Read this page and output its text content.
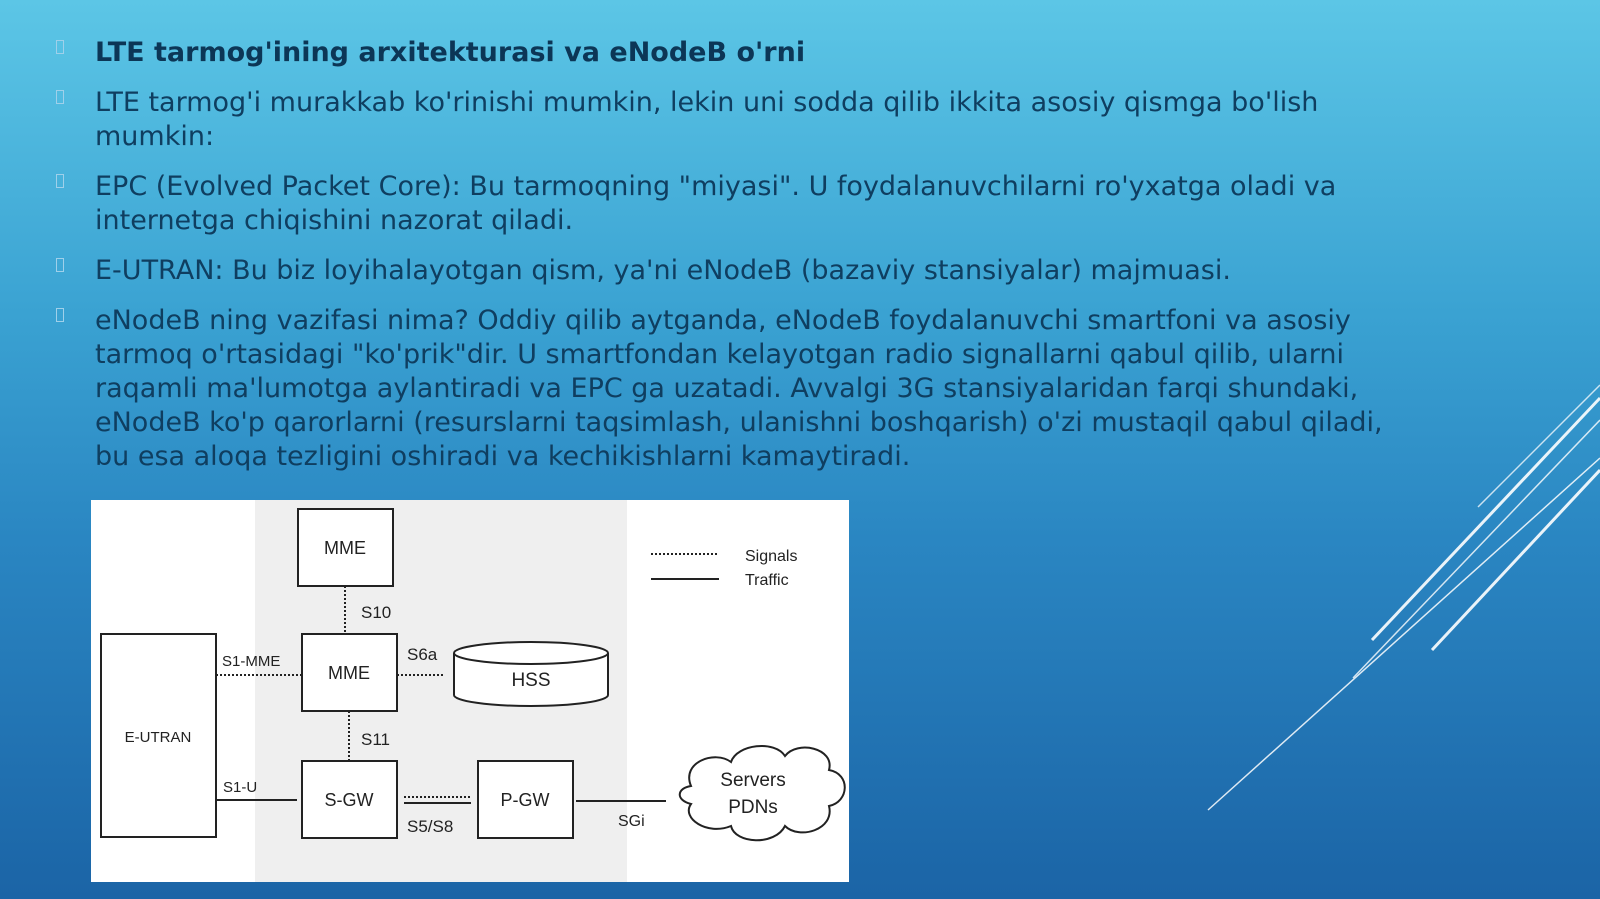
LTE tarmog'ining arxitekturasi va eNodeB o'rni
LTE tarmog'i murakkab ko'rinishi mumkin, lekin uni sodda qilib ikkita asosiy qismga bo'lish mumkin:
EPC (Evolved Packet Core): Bu tarmoqning "miyasi". U foydalanuvchilarni ro'yxatga oladi va internetga chiqishini nazorat qiladi.
E-UTRAN: Bu biz loyihalayotgan qism, ya'ni eNodeB (bazaviy stansiyalar) majmuasi.
eNodeB ning vazifasi nima? Oddiy qilib aytganda, eNodeB foydalanuvchi smartfoni va asosiy tarmoq o'rtasidagi "ko'prik"dir. U smartfondan kelayotgan radio signallarni qabul qilib, ularni raqamli ma'lumotga aylantiradi va EPC ga uzatadi. Avvalgi 3G stansiyalaridan farqi shundaki, eNodeB ko'p qarorlarni (resurslarni taqsimlash, ulanishni boshqarish) o'zi mustaqil qabul qiladi, bu esa aloqa tezligini oshiradi va kechikishlarni kamaytiradi.
Signals
Traffic
MME
S10
MME
E-UTRAN
S1-MME
HSS
S6a
S11
S-GW
S1-U
S5/S8
P-GW
SGi
Servers
PDNs
